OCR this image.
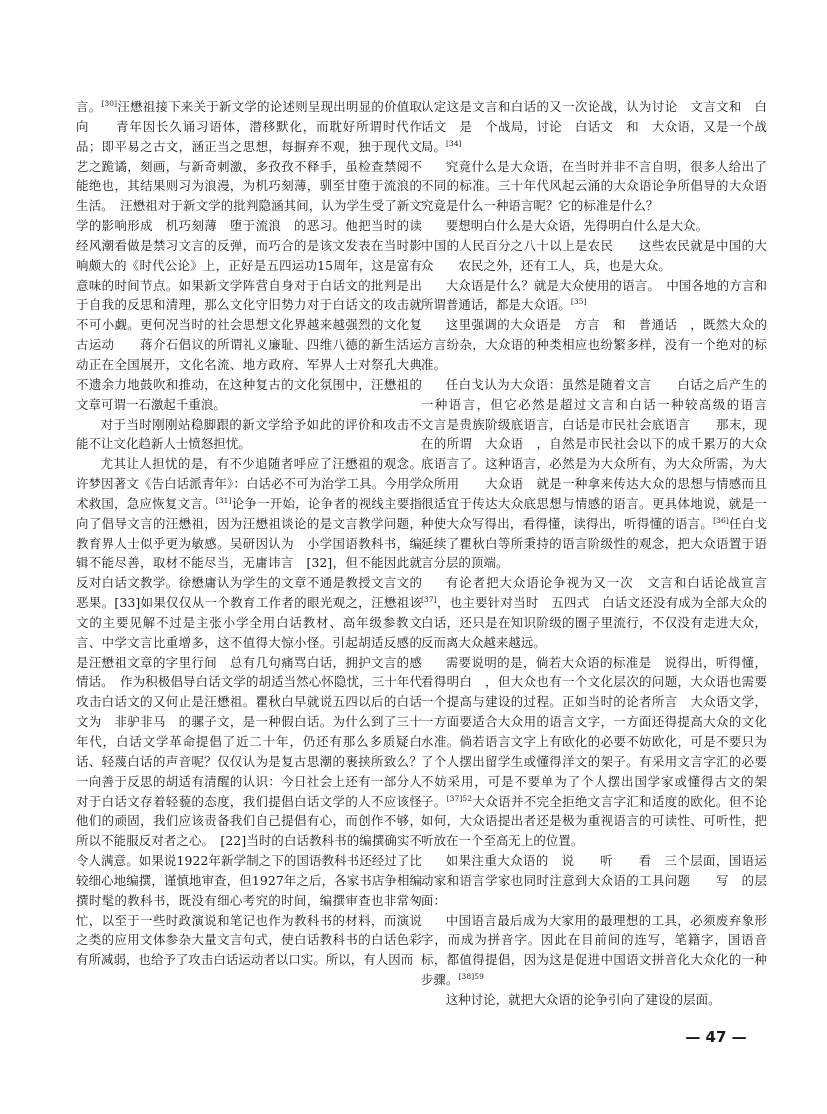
言。[30]汪懋祖接下来关于新文学的论述则呈现出明显的价值取向　　青年因长久诵习语体，潜移默化，而耽好所谓时代作品；即平易之古文，涵正当之思想，每摒弃不观，独于现代文艺之跪谲，刻画，与新奇刺激，多孜孜不释手，虽检查禁阅不能绝也，其结果则习为浪漫，为机巧刻薄，驯至甘堕于流浪的生活。　汪懋祖对于新文学的批判隐涵其间，认为学生受了新文学的影响形成　机巧刻薄　堕于流浪　的恶习。他把当时的读经风潮看做是禁习文言的反弹，而巧合的是该文发表在当时影响颇大的《时代公论》上，正好是五四运功15周年，这是富有意味的时间节点。如果新文学阵营自身对于白话文的批判是出于自我的反思和清理，那么文化守旧势力对于白话文的攻击就不可小觑。更何况当时的社会思想文化界越来越强烈的文化复古运动　　蒋介石倡议的所谓礼义廉耻、四维八德的新生活运动正在全国展开，文化名流、地方政府、军界人士对祭孔大典不遗余力地鼓吹和推动，在这种复古的文化氛围中，汪懋祖的文章可谓一石激起千重浪。

对于当时刚刚站稳脚跟的新文学给予如此的评价和攻击不能不让文化趋新人士愤怒担忧。

尤其让人担忧的是，有不少追随者呼应了汪懋祖的观念。许梦因著文《告白话派青年》：白话必不可为治学工具。今用学术救国，急应恢复文言。[31]论争一开始，论争者的视线主要指向了倡导文言的汪懋祖，因为汪懋祖谈论的是文言教学问题，教育界人士似乎更为敏感。吴研因认为　小学国语教科书，编辑不能尽善，取材不能尽当，无庸讳言　[32]，但不能因此就反对白话文教学。徐懋庸认为学生的文章不通是教授文言文的恶果。[33]如果仅仅从一个教育工作者的眼光观之，汪懋祖该文的主要见解不过是主张小学全用白话教材、高年级参教文言、中学文言比重增多，这不值得大惊小怪。引起胡适反感的是汪懋祖文章的字里行间　总有几句痛骂白话，拥护文言的感情话。　作为积极倡导白话文学的胡适当然心怀隐忧，三十年代攻击白话文的又何止是汪懋祖。瞿秋白早就说五四以后的白话文为　非驴非马　的骡子文，是一种假白话。为什么到了三十年代，白话文学革命提倡了近二十年，仍还有那么多质疑白话、轻蔑白话的声音呢？仅仅认为是复古思潮的裹挟所致么？一向善于反思的胡适有清醒的认识：今日社会上还有一部分人对于白话文存着轻藐的态度，我们提倡白话文学的人不应该怪他们的顽固，我们应该责备我们自己提倡有心，而创作不够，所以不能服反对者之心。　[22]当时的白话教科书的编撰确实不令人满意。如果说1922年新学制之下的国语教科书还经过了比较细心地编撰，谨慎地审查，但1927年之后，各家书店争相编撰时髦的教科书，既没有细心考究的时间，编撰审查也非常匆忙，以至于一些时政演说和笔记也作为教科书的材料，而演说之类的应用文体参杂大量文言句式，使白话教科书的白话色彩有所减弱，也给予了攻击白话运动者以口实。所以，有人因而

认定这是文言和白话的又一次论战，认为讨论　文言文和　白话文　是　个战局，讨论　白话文　和　大众语，又是一个战局。[34]

究竟什么是大众语，在当时并非不言自明，很多人给出了不同的标准。三十年代风起云涌的大众语论争所倡导的大众语究竟是什么一种语言呢？它的标准是什么？

要想明白什么是大众语，先得明白什么是大众。

中国的人民百分之八十以上是农民　　这些农民就是中国的大众　　农民之外，还有工人，兵，也是大众。

大众语是什么？就是大众使用的语言。　中国各地的方言和所谓普通话，都是大众语。[35]

这里强调的大众语是　方言　和　普通话　，既然大众的方言纷杂，大众语的种类相应也纷繁多样，没有一个绝对的标准。

任白戈认为大众语：虽然是随着文言　　白话之后产生的一种语言，但它必然是超过文言和白话一种较高级的语言　　文言是贵族阶级底语言，白话是市民社会底语言　　那末，现在的所谓　大众语　，自然是市民社会以下的成千累万的大众底语言了。这种语言，必然是为大众所有，为大众所需，为大众所用　　大众语　就是一种拿来传达大众的思想与情感而且很适宜于传达大众底思想与情感的语言。更具体地说，就是一种使大众写得出，看得懂，读得出，听得懂的语言。[36]任白戈延续了瞿秋白等所秉持的语言阶级性的观念，把大众语置于语言分层的顶端。

有论者把大众语论争视为又一次　文言和白话论战宣言[37]，也主要针对当时　五四式　白话文还没有成为全部大众的白话，还只是在知识阶级的圈子里流行，不仅没有走进大众，反而离大众越来越远。

需要说明的是，倘若大众语的标准是　说得出，听得懂，看得明白　，但大众也有一个文化层次的问题，大众语也需要一个提高与建设的过程。正如当时的论者所言　大众语文学，一方面要适合大众用的语言文字，一方面还得提高大众的文化水准。倘若语言文字上有欧化的必要不妨欧化，可是不要只为了个人摆出留学生或懂得洋文的架子。有采用文言字汇的必要不妨采用，可是不要单为了个人摆出国学家或懂得古文的架子。$^{[37]52}$大众语并不完全拒绝文言字汇和适度的欧化。但不论如何，大众语提出者还是极为重视语言的可读性、可听性，把　听放在一个至高无上的位置。

如果注重大众语的　说　　听　　看　三个层面，国语运动家和语言学家也同时注意到大众语的工具问题　　写　的层面：

中国语言最后成为大家用的最理想的工具，必须废弃象形字，而成为拼音字。因此在目前间的连写，笔籍字，国语音标，都值得提倡，因为这是促进中国语文拼音化大众化的一种步骤。$^{[38]59}$

这种讨论，就把大众语的论争引向了建设的层面。

— 47 —
